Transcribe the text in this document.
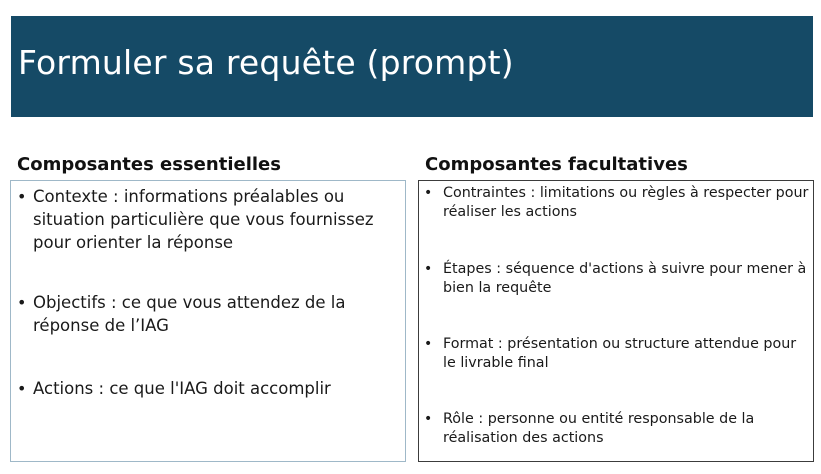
Formuler sa requête (prompt)
Composantes essentielles	Composantes facultatives
• Contexte : informations préalables ou situation particulière que vous fournissez pour orienter la réponse
• Objectifs : ce que vous attendez de la réponse de l’IAG
• Actions : ce que l'IAG doit accomplir
• Contraintes : limitations ou règles à respecter pour réaliser les actions
• Étapes : séquence d'actions à suivre pour mener à bien la requête
• Format : présentation ou structure attendue pour le livrable final
• Rôle : personne ou entité responsable de la réalisation des actions
